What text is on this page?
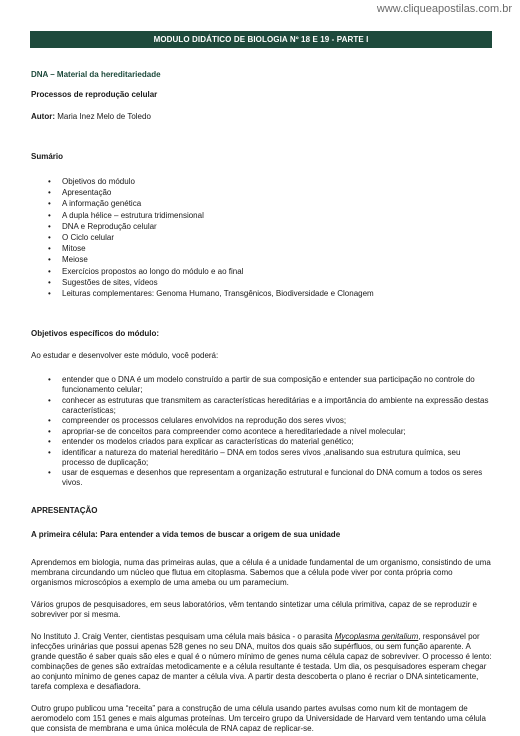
www.cliqueapostilas.com.br
MODULO DIDÁTICO DE BIOLOGIA Nº 18 E 19 - PARTE I

DNA – Material da hereditariedade

Processos de reprodução celular

Autor: Maria Inez Melo de Toledo

Sumário

• Objetivos do módulo
• Apresentação
• A informação genética
• A dupla hélice – estrutura tridimensional
• DNA e Reprodução celular
• O Ciclo celular
• Mitose
• Meiose
• Exercícios propostos ao longo do módulo e ao final
• Sugestões de sites, vídeos
• Leituras complementares: Genoma Humano, Transgênicos, Biodiversidade e Clonagem

Objetivos específicos do módulo:

Ao estudar e desenvolver este módulo, você poderá:

• entender que o DNA é um modelo construído a partir de sua composição e entender sua participação no controle do funcionamento celular;
• conhecer as estruturas que transmitem as características hereditárias e a importância do ambiente na expressão destas características;
• compreender os processos celulares envolvidos na reprodução dos seres vivos;
• apropriar-se de conceitos para compreender como acontece a hereditariedade a nível molecular;
• entender os modelos criados para explicar as características do material genético;
• identificar a natureza do material hereditário – DNA em todos seres vivos ,analisando sua estrutura química, seu processo de duplicação;
• usar de esquemas e desenhos que representam a organização estrutural e funcional do DNA comum a todos os seres vivos.

APRESENTAÇÃO

A primeira célula: Para entender a vida temos de buscar a origem de sua unidade

Aprendemos em biologia, numa das primeiras aulas, que a célula é a unidade fundamental de um organismo, consistindo de uma membrana circundando um núcleo que flutua em citoplasma. Sabemos que a célula pode viver por conta própria como organismos microscópios a exemplo de uma ameba ou um paramecium.

Vários grupos de pesquisadores, em seus laboratórios, vêm tentando sintetizar uma célula primitiva, capaz de se reproduzir e sobreviver por si mesma.

No Instituto J. Craig Venter, cientistas pesquisam uma célula mais básica - o parasita Mycoplasma genitalium, responsável por infecções urinárias que possui apenas 528 genes no seu DNA, muitos dos quais são supérfluos, ou sem função aparente. A grande questão é saber quais são eles e qual é o número mínimo de genes numa célula capaz de sobreviver. O processo é lento: combinações de genes são extraídas metodicamente e a célula resultante é testada. Um dia, os pesquisadores esperam chegar ao conjunto mínimo de genes capaz de manter a célula viva. A partir desta descoberta o plano é recriar o DNA sinteticamente, tarefa complexa e desafiadora.

Outro grupo publicou uma “receita” para a construção de uma célula usando partes avulsas como num kit de montagem de aeromodelo com 151 genes e mais algumas proteínas. Um terceiro grupo da Universidade de Harvard vem tentando uma célula que consista de membrana e uma única molécula de RNA capaz de replicar-se.
